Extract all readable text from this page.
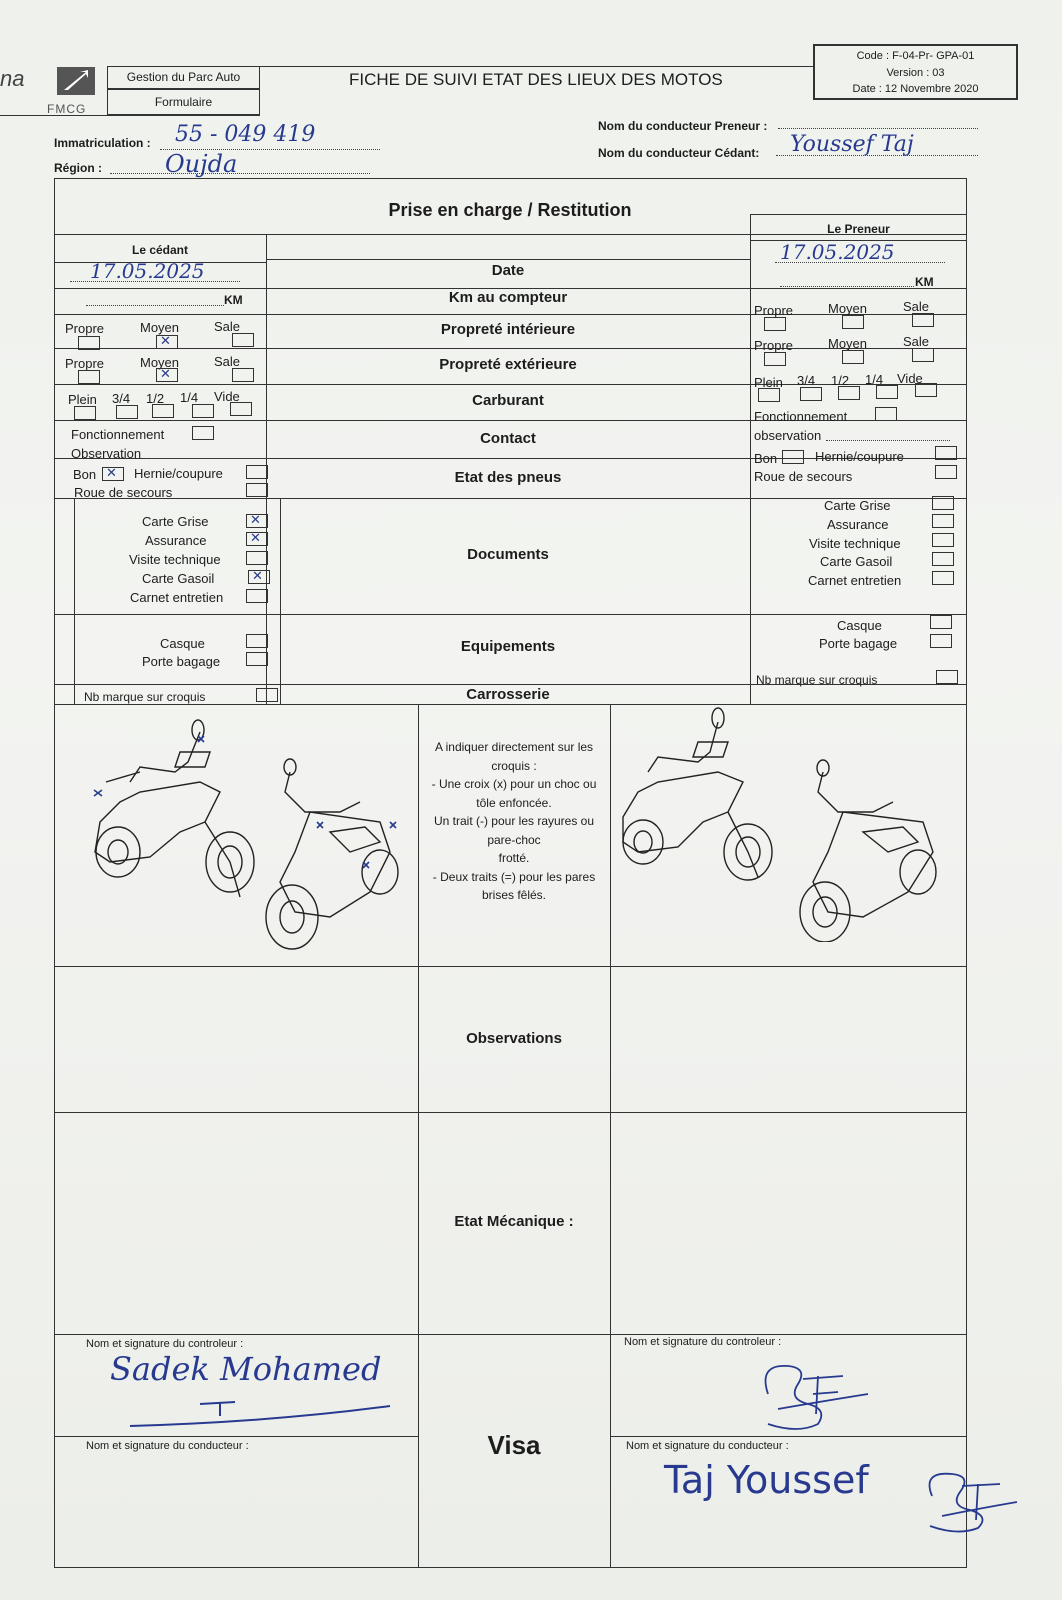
na
FMCG
Gestion du Parc Auto
Formulaire
FICHE DE SUIVI ETAT DES LIEUX DES MOTOS
Code : F-04-Pr- GPA-01
Version : 03
Date : 12 Novembre 2020
Immatriculation : 55 - 049 419
Région :	Oujda
Nom du conducteur Preneur :
Nom du conducteur Cédant: Youssef Taj
Prise en charge / Restitution
Le cédant
Le Preneur
Date
Km au compteur
Propreté intérieure
Propreté extérieure
Carburant
Contact
Etat des pneus
Documents
Equipements
Carrosserie
17.05.2025
KM
Propre	Moyen	Sale
✕
Propre	Moyen	Sale
✕
Plein 3/4 1/2 1/4 Vide
Fonctionnement
Observation
Bon
✕	Hernie/coupure
Roue de secours
Carte Grise
Assurance
Visite technique
Carte Gasoil
Carnet entretien
✕
✕
✕
Casque
Porte bagage
Nb marque sur croquis
17.05.2025
KM
Propre	Moyen	Sale
Propre	Moyen	Sale
Plein 3/4 1/2 1/4 Vide
Fonctionnement
observation
Bon	Hernie/coupure
Roue de secours
Carte Grise
Assurance
Visite technique
Carte Gasoil
Carnet entretien
Casque
Porte bagage
Nb marque sur croquis
A indiquer directement sur les
croquis :
- Une croix (x) pour un choc ou
tôle enfoncée.
Un trait (-) pour les rayures ou
pare-choc
frotté.
- Deux traits (=) pour les pares
brises fêlés.
Observations
Etat Mécanique :
Visa
Nom et signature du controleur :
Sadek Mohamed
Nom et signature du conducteur :
Nom et signature du controleur :
Nom et signature du conducteur :
Taj Youssef
